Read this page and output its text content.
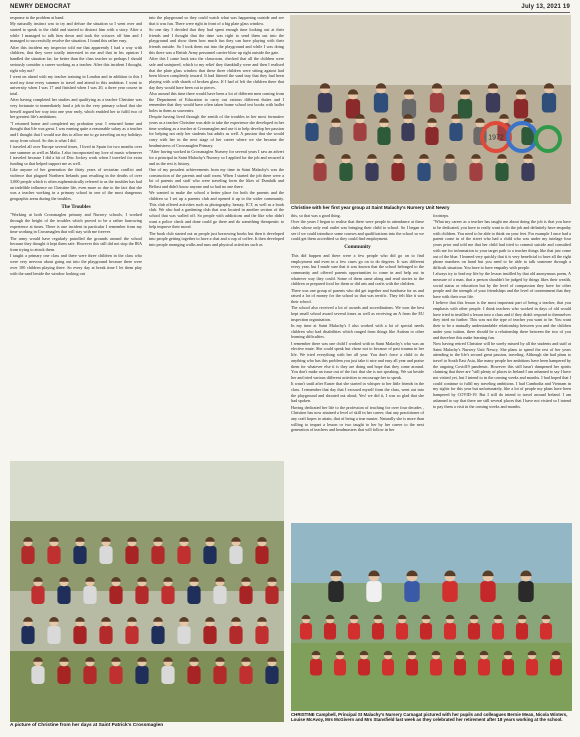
NEWRY DEMOCRAT	July 13, 2021 19

response to the problem at hand.

My naturally instinct was to try and defuse the situation so I went over and started to speak to the child and started to distract him with a story. After a while I managed to talk him down and took the scissors off him and I managed to successfully resolve the situation. I found this rather easy.

After this incident my inspector told me that apparently I had a way with children, that they were totally interested in me and that in his opinion I handled the situation far, far better than the class teacher so perhaps I should seriously consider a career working as a teacher. After this incident I thought, right why not?

I went on ahead with my teacher training in London and in addition to this I used my time every summer to travel and attend to this ambition. I went to university when I was 17 and finished when I was 20, a three year course in total.

After having completed her studies and qualifying as a teacher Christine was very fortunate to immediately land a job in the very primary school that she herself argued her way into one year early, which enabled her to fulfil two of her greatest life's ambitions.

"I returned home and completed my probation year. I returned home and thought that life was great. I was earning quite a reasonable salary as a teacher and I thought that I would use this to allow me to go traveling on my holidays away from school. So this is what I did.

I traveled all over Europe several times, I lived in Spain for two months over one summer as well as Malta. I also incorporated my love of music whenever I traveled because I did a bit of Disc Jockey work when I traveled for extra funding so that helped support me as well.

Like anyone of her generation the thirty years of sectarian conflict and violence that plagued Northern Irelands past resulting in the deaths of over 3,000 people which is often euphemistically referred to as the troubles has had an indelible influence on Christine life, even more so due to the fact that she was a teacher working in a primary school in one of the most dangerous geographic areas during the troubles.

The Troubles

"Working at both Crossmaglen primary and Nursery schools, I worked through the height of the troubles which proved to be a rather harrowing experience at times. There is one incident in particular I remember from my time working in Crossmaglen that will stay with me forever.

The army would have regularly patrolled the grounds around the school because they thought it kept them safe. However this still did not stop the IRA from trying to attack them.

I taught a primary one class and there were three children in the class who were very nervous about going out into the playground because there were over 100 children playing there. So every day at break time I let them play with the sand beside the window looking out

into the playground so they could watch what was happening outside and see that it was fun. There were right in front of a big plate glass window.

So one day I decided that they had spent enough time looking out at their friends and I thought that the time was right to send them out into the playground and show them how much fun they can have playing with their friends outside. So I took them out into the playground and while I was doing this there was a British Army personnel carrier blow up right outside the gate.

After this I came back into the classroom, checked that all the children were safe and uninjured, which to my relief they thankfully were and then I realised that the plate glass window that these three children were sitting against had been blown completely inward. It had littered the sand tray that they had been playing with with shards of broken glass. If I had of left the children there that day they would have been cut to pieces.

Also around this time there would have been a lot of different men coming from the Department of Education to carry out various different duties and I remember that they would have often taken home school test books with bullet holes in them as souvenirs.

Despite having lived through the zenith of the troubles in her most formative years as a teacher Christine was able to take the experience she developed in her time working as a teacher at Crossmaglen and use it to help develop her passion for helping not only her students but adults as well. A passion that she would carry with her in the next stage of her career where we she became the headmistress of Crossmaglen Primary.

"After having worked in Crossmaglen Nursery for several years I saw an advert for a principal in Saint Malachy's Nursery so I applied for the job and secured it and as the rest is history.

One of my proudest achievements from my time in Saint Malachy's was the construction of the parents and staff room. When I started the job there were a lot of parents and staff who were traveling form the likes of Dundalk and Belfast and didn't know anyone and so had no one there.

We wanted to make the school a better place for both the parents and the children so I set up a parents club and opened it up to the wider community. This club offered activities such as photography, beauty, ICT, as well as a book club. We also had a gardening club that was located in another section of the school that was walled off. So people with addictions and the like who didn't want a police check and done could go there and do something therapeutic to help improve their mood.

The book club started out as people just borrowing books but then it developed into people getting together to have a chat and a cup of coffee. It then developed into people arranging walks and runs and physical activities such as

1972
Christine with her first year group at Saint Malachy's Nursery Unit Newry

this, so that was a good thing.

Over the years I began to realise that there were people in attendance at these clubs whose only real outlet was bringing their child to school. So I began to see if we could introduce some courses and qualifications into the school so we could get them accredited so they could find employment.

Community

This did happen and there were a few people who did go on to find employment and even in a few cases go on to do degrees. It was different every year, but I made sure that it was known that the school belonged to the community and offered parents opportunities to come in and help out in whatever way they could. Some of them came along and read stories to the children or prepared food for them or did arts and crafts with the children.

There was one group of parents who did get together and fundraise for us and raised a lot of money for the school so that was terrific. They felt like it was their school.

The school also received a lot of awards and accreditations. We won the best kept small school award several times as well as receiving an A from the EU inspection organisation.

In my time at Saint Malachy's I also worked with a lot of special needs children who had disabilities which ranged from things like Autism to other learning difficulties.

I remember there was one child I worked with in Saint Malachy's who was an elective mute. She could speak but chose not to because of past trauma in her life. We tried everything with her all year. You don't force a child to do anything who has this problem you just take it nice and easy all year and praise them for whatever else it is they are doing and hope that they come around. You don't make an issue out of the fact that she is not speaking. We sat beside her and tried various different activities to encourage her to speak.

It wasn't until after Easter that she started to whisper to her little friends in the class. I remember that day that I excused myself from the class, went out into the playground and shouted out aloud, Yes! we did it, I was so glad that she had spoken.

Having dedicated her life to the profession of teaching for over four decades , Christine has now attained a level of skill in her career, that any practitioner of any craft hopes to attain, that of being a true master. Naturally she is more than willing to impart a lesson or two taught to her by her career to the next generation of teachers and headmasters that will follow in her

footsteps.

"What my career as a teacher has taught me about doing the job is that you have to be dedicated, you have to really want to do the job and definitely have empathy with children. You need to be able to think on your feet. For example I once had a parent come in of the street who had a child who was under my tutelage four years prior and told me that her child had tried to commit suicide and consulted with me for information to your target path to a teacher things like that just come out of the blue. I learned very quickly that it is very beneficial to have all the right phone numbers on hand but you need to be able to talk someone through a difficult situation. You have to have empathy with people.

I always try to lead my life by the lesson instilled by that old anonymous poem, A measure of a man, that a person shouldn't be judged by things likes their wealth, social status or education but by the level of compassion they have for other people and the strength of your friendships and the level of contentment that they have with their own life.

I believe that this lesson is the most important part of being a teacher, that you emphasis with other people. I think teachers who worked in days of old would have tried to instilled a lesson into a class and if they didn't respond to themselves they tried no further. This was not the type of teacher you want to be. You want their to be a mutually understandable relationship between you and the children under your tuition, there should be a relationship there between the two of you and therefore this make learning fun.

Now having retired Christine will be sorely missed by all the students and staff at Saint Malachy's Nursery Unit Newry. She plans to spend the rest of her years attending to the life's second great passion, traveling. Although she had plans to travel to South East Asia, like many people her ambitions have been hampered by the ongoing Covid19 pandemic. However this still hasn't dampened her spirits claiming that there are "still plenty of places in Ireland I am ashamed to say I have not visited yet, but I intend to in the coming weeks and months. I had hoped that I could continue to fulfil my traveling ambitions. I had Cambodia and Vietnam in my sights for this year but unfortunately, like a lot of people my plans have been hampered by COVID-19. But I still do intend to travel around Ireland. I am ashamed to say that there are still several places that I have not visited so I intend to pay them a visit in the coming weeks and months.

A picture of Christine from her days at Saint Patrick's Crossmaglen
CHRISTINE Campbell, Principal St Malachy's Nursery Carnagat pictured with her pupils and colleagues Bernie Mean, Nicola Winters, Louise McAvoy, Mrs McGivern and Mrs Stansfield last week as they celebrated her retirement after 18 years working at the school.
